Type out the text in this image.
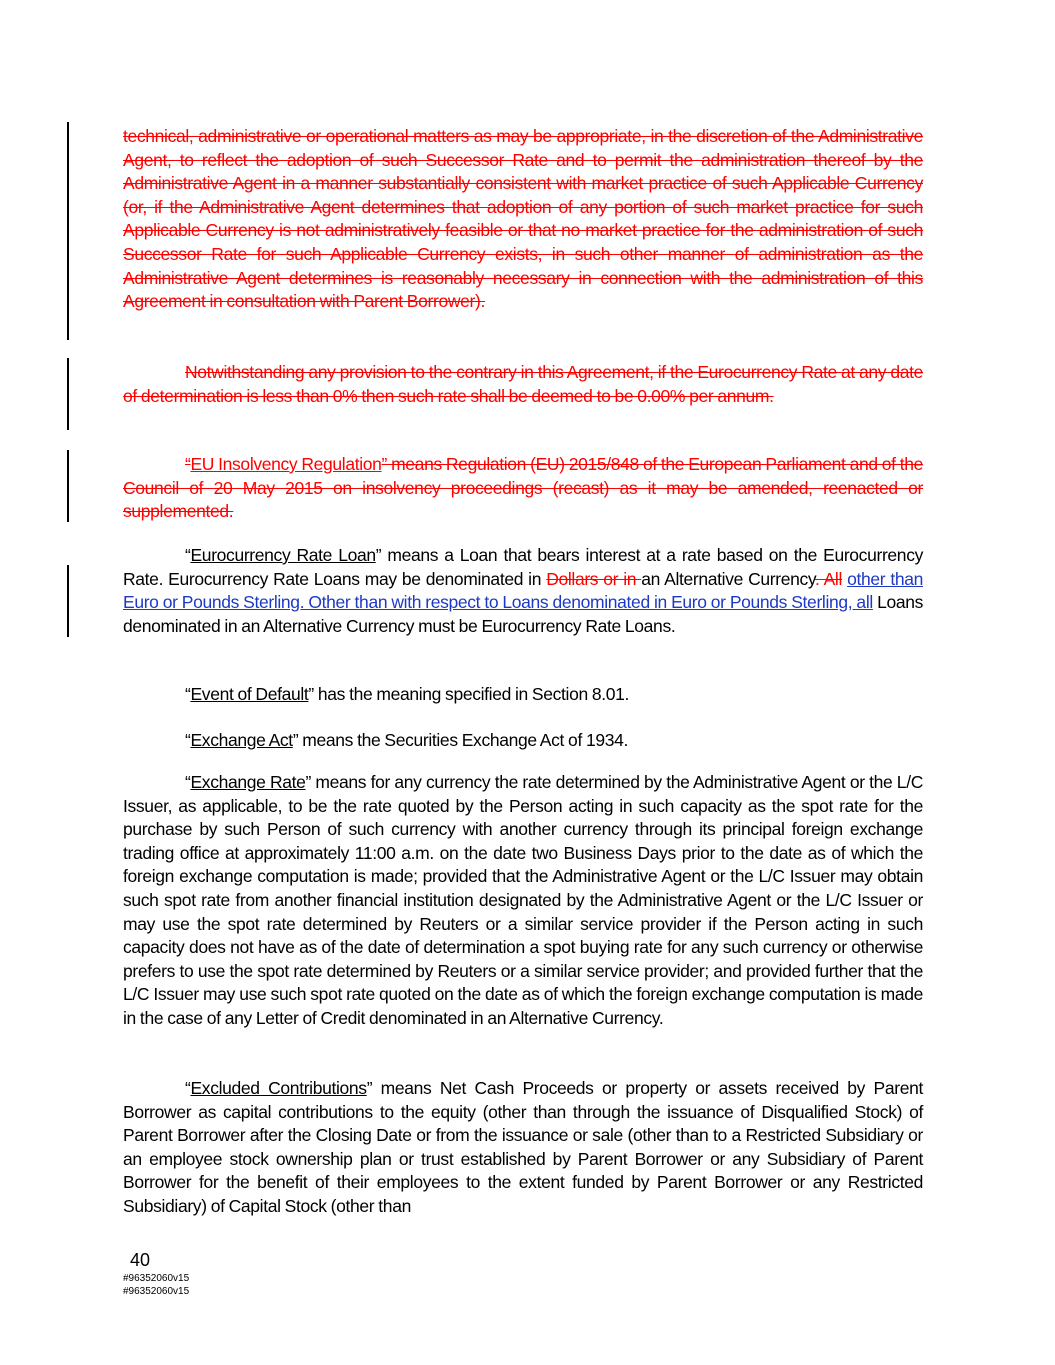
technical, administrative or operational matters as may be appropriate, in the discretion of the Administrative Agent, to reflect the adoption of such Successor Rate and to permit the administration thereof by the Administrative Agent in a manner substantially consistent with market practice of such Applicable Currency (or, if the Administrative Agent determines that adoption of any portion of such market practice for such Applicable Currency is not administratively feasible or that no market practice for the administration of such Successor Rate for such Applicable Currency exists, in such other manner of administration as the Administrative Agent determines is reasonably necessary in connection with the administration of this Agreement in consultation with Parent Borrower).

Notwithstanding any provision to the contrary in this Agreement, if the Eurocurrency Rate at any date of determination is less than 0% then such rate shall be deemed to be 0.00% per annum.

“EU Insolvency Regulation” means Regulation (EU) 2015/848 of the European Parliament and of the Council of 20 May 2015 on insolvency proceedings (recast) as it may be amended, reenacted or supplemented.

“Eurocurrency Rate Loan” means a Loan that bears interest at a rate based on the Eurocurrency Rate. Eurocurrency Rate Loans may be denominated in Dollars or in an Alternative Currency. All other than Euro or Pounds Sterling. Other than with respect to Loans denominated in Euro or Pounds Sterling, all Loans denominated in an Alternative Currency must be Eurocurrency Rate Loans.

“Event of Default” has the meaning specified in Section 8.01.

“Exchange Act” means the Securities Exchange Act of 1934.

“Exchange Rate” means for any currency the rate determined by the Administrative Agent or the L/C Issuer, as applicable, to be the rate quoted by the Person acting in such capacity as the spot rate for the purchase by such Person of such currency with another currency through its principal foreign exchange trading office at approximately 11:00 a.m. on the date two Business Days prior to the date as of which the foreign exchange computation is made; provided that the Administrative Agent or the L/C Issuer may obtain such spot rate from another financial institution designated by the Administrative Agent or the L/C Issuer or may use the spot rate determined by Reuters or a similar service provider if the Person acting in such capacity does not have as of the date of determination a spot buying rate for any such currency or otherwise prefers to use the spot rate determined by Reuters or a similar service provider; and provided further that the L/C Issuer may use such spot rate quoted on the date as of which the foreign exchange computation is made in the case of any Letter of Credit denominated in an Alternative Currency.

“Excluded Contributions” means Net Cash Proceeds or property or assets received by Parent Borrower as capital contributions to the equity (other than through the issuance of Disqualified Stock) of Parent Borrower after the Closing Date or from the issuance or sale (other than to a Restricted Subsidiary or an employee stock ownership plan or trust established by Parent Borrower or any Subsidiary of Parent Borrower for the benefit of their employees to the extent funded by Parent Borrower or any Restricted Subsidiary) of Capital Stock (other than

40
#96352060v15
#96352060v15
